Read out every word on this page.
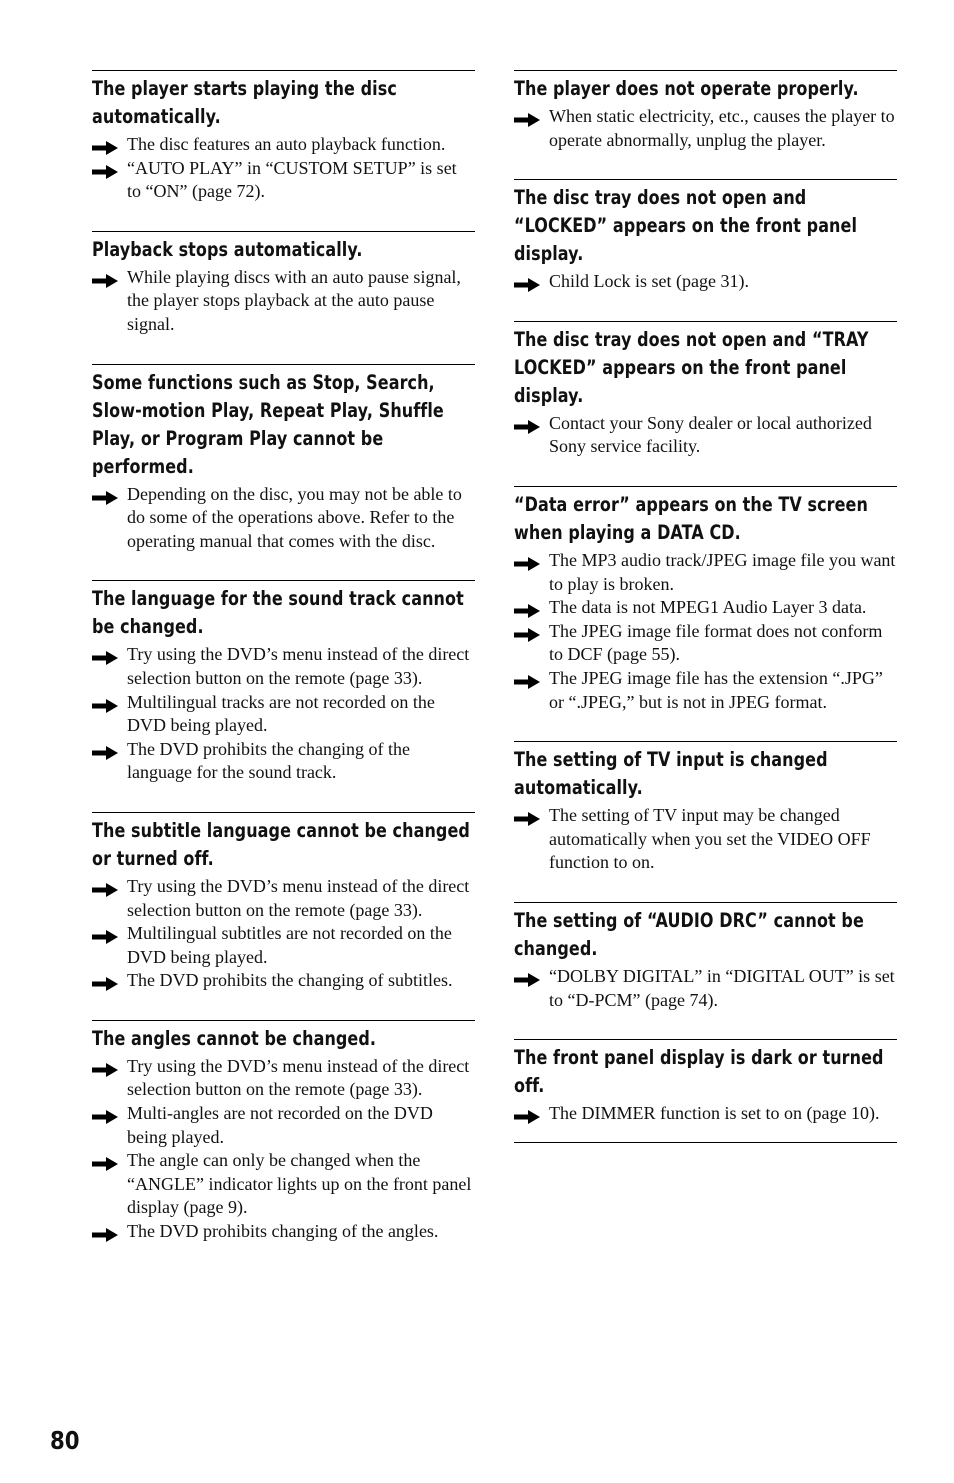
The player starts playing the disc automatically.
The disc features an auto playback function.
“AUTO PLAY” in “CUSTOM SETUP” is set to “ON” (page 72).
Playback stops automatically.
While playing discs with an auto pause signal, the player stops playback at the auto pause signal.
Some functions such as Stop, Search, Slow-motion Play, Repeat Play, Shuffle Play, or Program Play cannot be performed.
Depending on the disc, you may not be able to do some of the operations above. Refer to the operating manual that comes with the disc.
The language for the sound track cannot be changed.
Try using the DVD’s menu instead of the direct selection button on the remote (page 33).
Multilingual tracks are not recorded on the DVD being played.
The DVD prohibits the changing of the language for the sound track.
The subtitle language cannot be changed or turned off.
Try using the DVD’s menu instead of the direct selection button on the remote (page 33).
Multilingual subtitles are not recorded on the DVD being played.
The DVD prohibits the changing of subtitles.
The angles cannot be changed.
Try using the DVD’s menu instead of the direct selection button on the remote (page 33).
Multi-angles are not recorded on the DVD being played.
The angle can only be changed when the “ANGLE” indicator lights up on the front panel display (page 9).
The DVD prohibits changing of the angles.
The player does not operate properly.
When static electricity, etc., causes the player to operate abnormally, unplug the player.
The disc tray does not open and “LOCKED” appears on the front panel display.
Child Lock is set (page 31).
The disc tray does not open and “TRAY LOCKED” appears on the front panel display.
Contact your Sony dealer or local authorized Sony service facility.
“Data error” appears on the TV screen when playing a DATA CD.
The MP3 audio track/JPEG image file you want to play is broken.
The data is not MPEG1 Audio Layer 3 data.
The JPEG image file format does not conform to DCF (page 55).
The JPEG image file has the extension “.JPG” or “.JPEG,” but is not in JPEG format.
The setting of TV input is changed automatically.
The setting of TV input may be changed automatically when you set the VIDEO OFF function to on.
The setting of “AUDIO DRC” cannot be changed.
“DOLBY DIGITAL” in “DIGITAL OUT” is set to “D-PCM” (page 74).
The front panel display is dark or turned off.
The DIMMER function is set to on (page 10).
80
